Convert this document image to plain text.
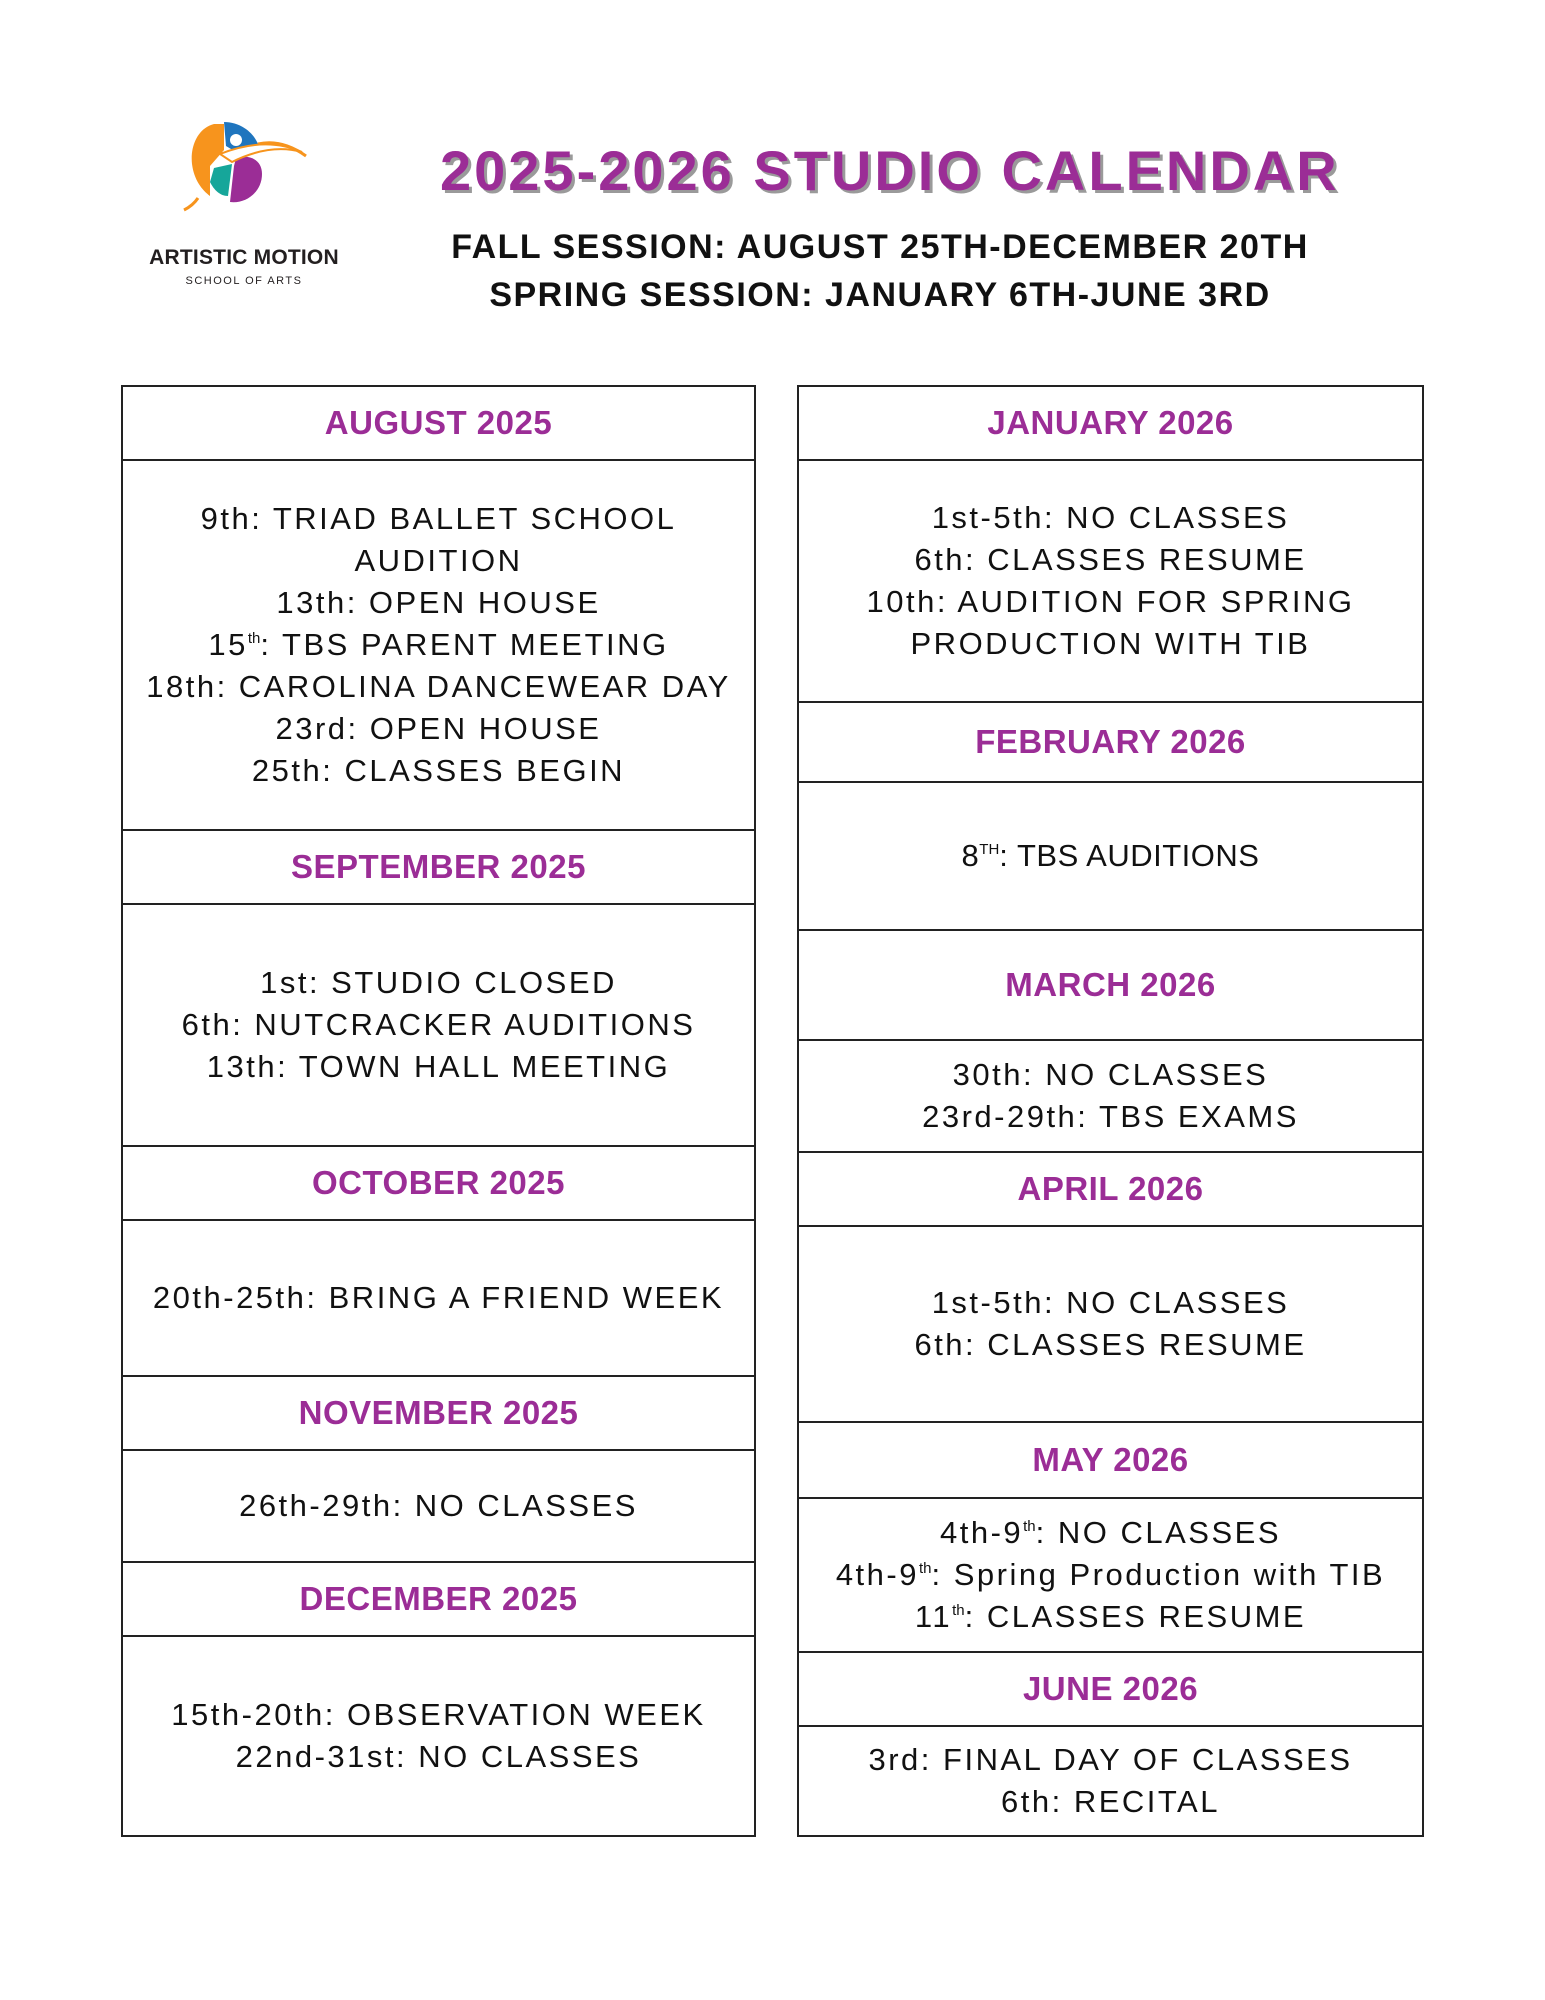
ARTISTIC MOTION
SCHOOL OF ARTS
2025-2026 STUDIO CALENDAR
FALL SESSION: AUGUST 25TH-DECEMBER 20TH
SPRING SESSION: JANUARY 6TH-JUNE 3RD
AUGUST 2025
9th: TRIAD BALLET SCHOOL AUDITION
13th: OPEN HOUSE
15th: TBS PARENT MEETING
18th: CAROLINA DANCEWEAR DAY
23rd: OPEN HOUSE
25th: CLASSES BEGIN
SEPTEMBER 2025
1st: STUDIO CLOSED
6th: NUTCRACKER AUDITIONS
13th: TOWN HALL MEETING
OCTOBER 2025
20th-25th: BRING A FRIEND WEEK
NOVEMBER 2025
26th-29th: NO CLASSES
DECEMBER 2025
15th-20th: OBSERVATION WEEK
22nd-31st: NO CLASSES
JANUARY 2026
1st-5th: NO CLASSES
6th: CLASSES RESUME
10th: AUDITION FOR SPRING
PRODUCTION WITH TIB
FEBRUARY 2026
8TH: TBS AUDITIONS
MARCH 2026
30th: NO CLASSES
23rd-29th: TBS EXAMS
APRIL 2026
1st-5th: NO CLASSES
6th: CLASSES RESUME
MAY 2026
4th-9th: NO CLASSES
4th-9th: Spring Production with TIB
11th: CLASSES RESUME
JUNE 2026
3rd: FINAL DAY OF CLASSES
6th: RECITAL
